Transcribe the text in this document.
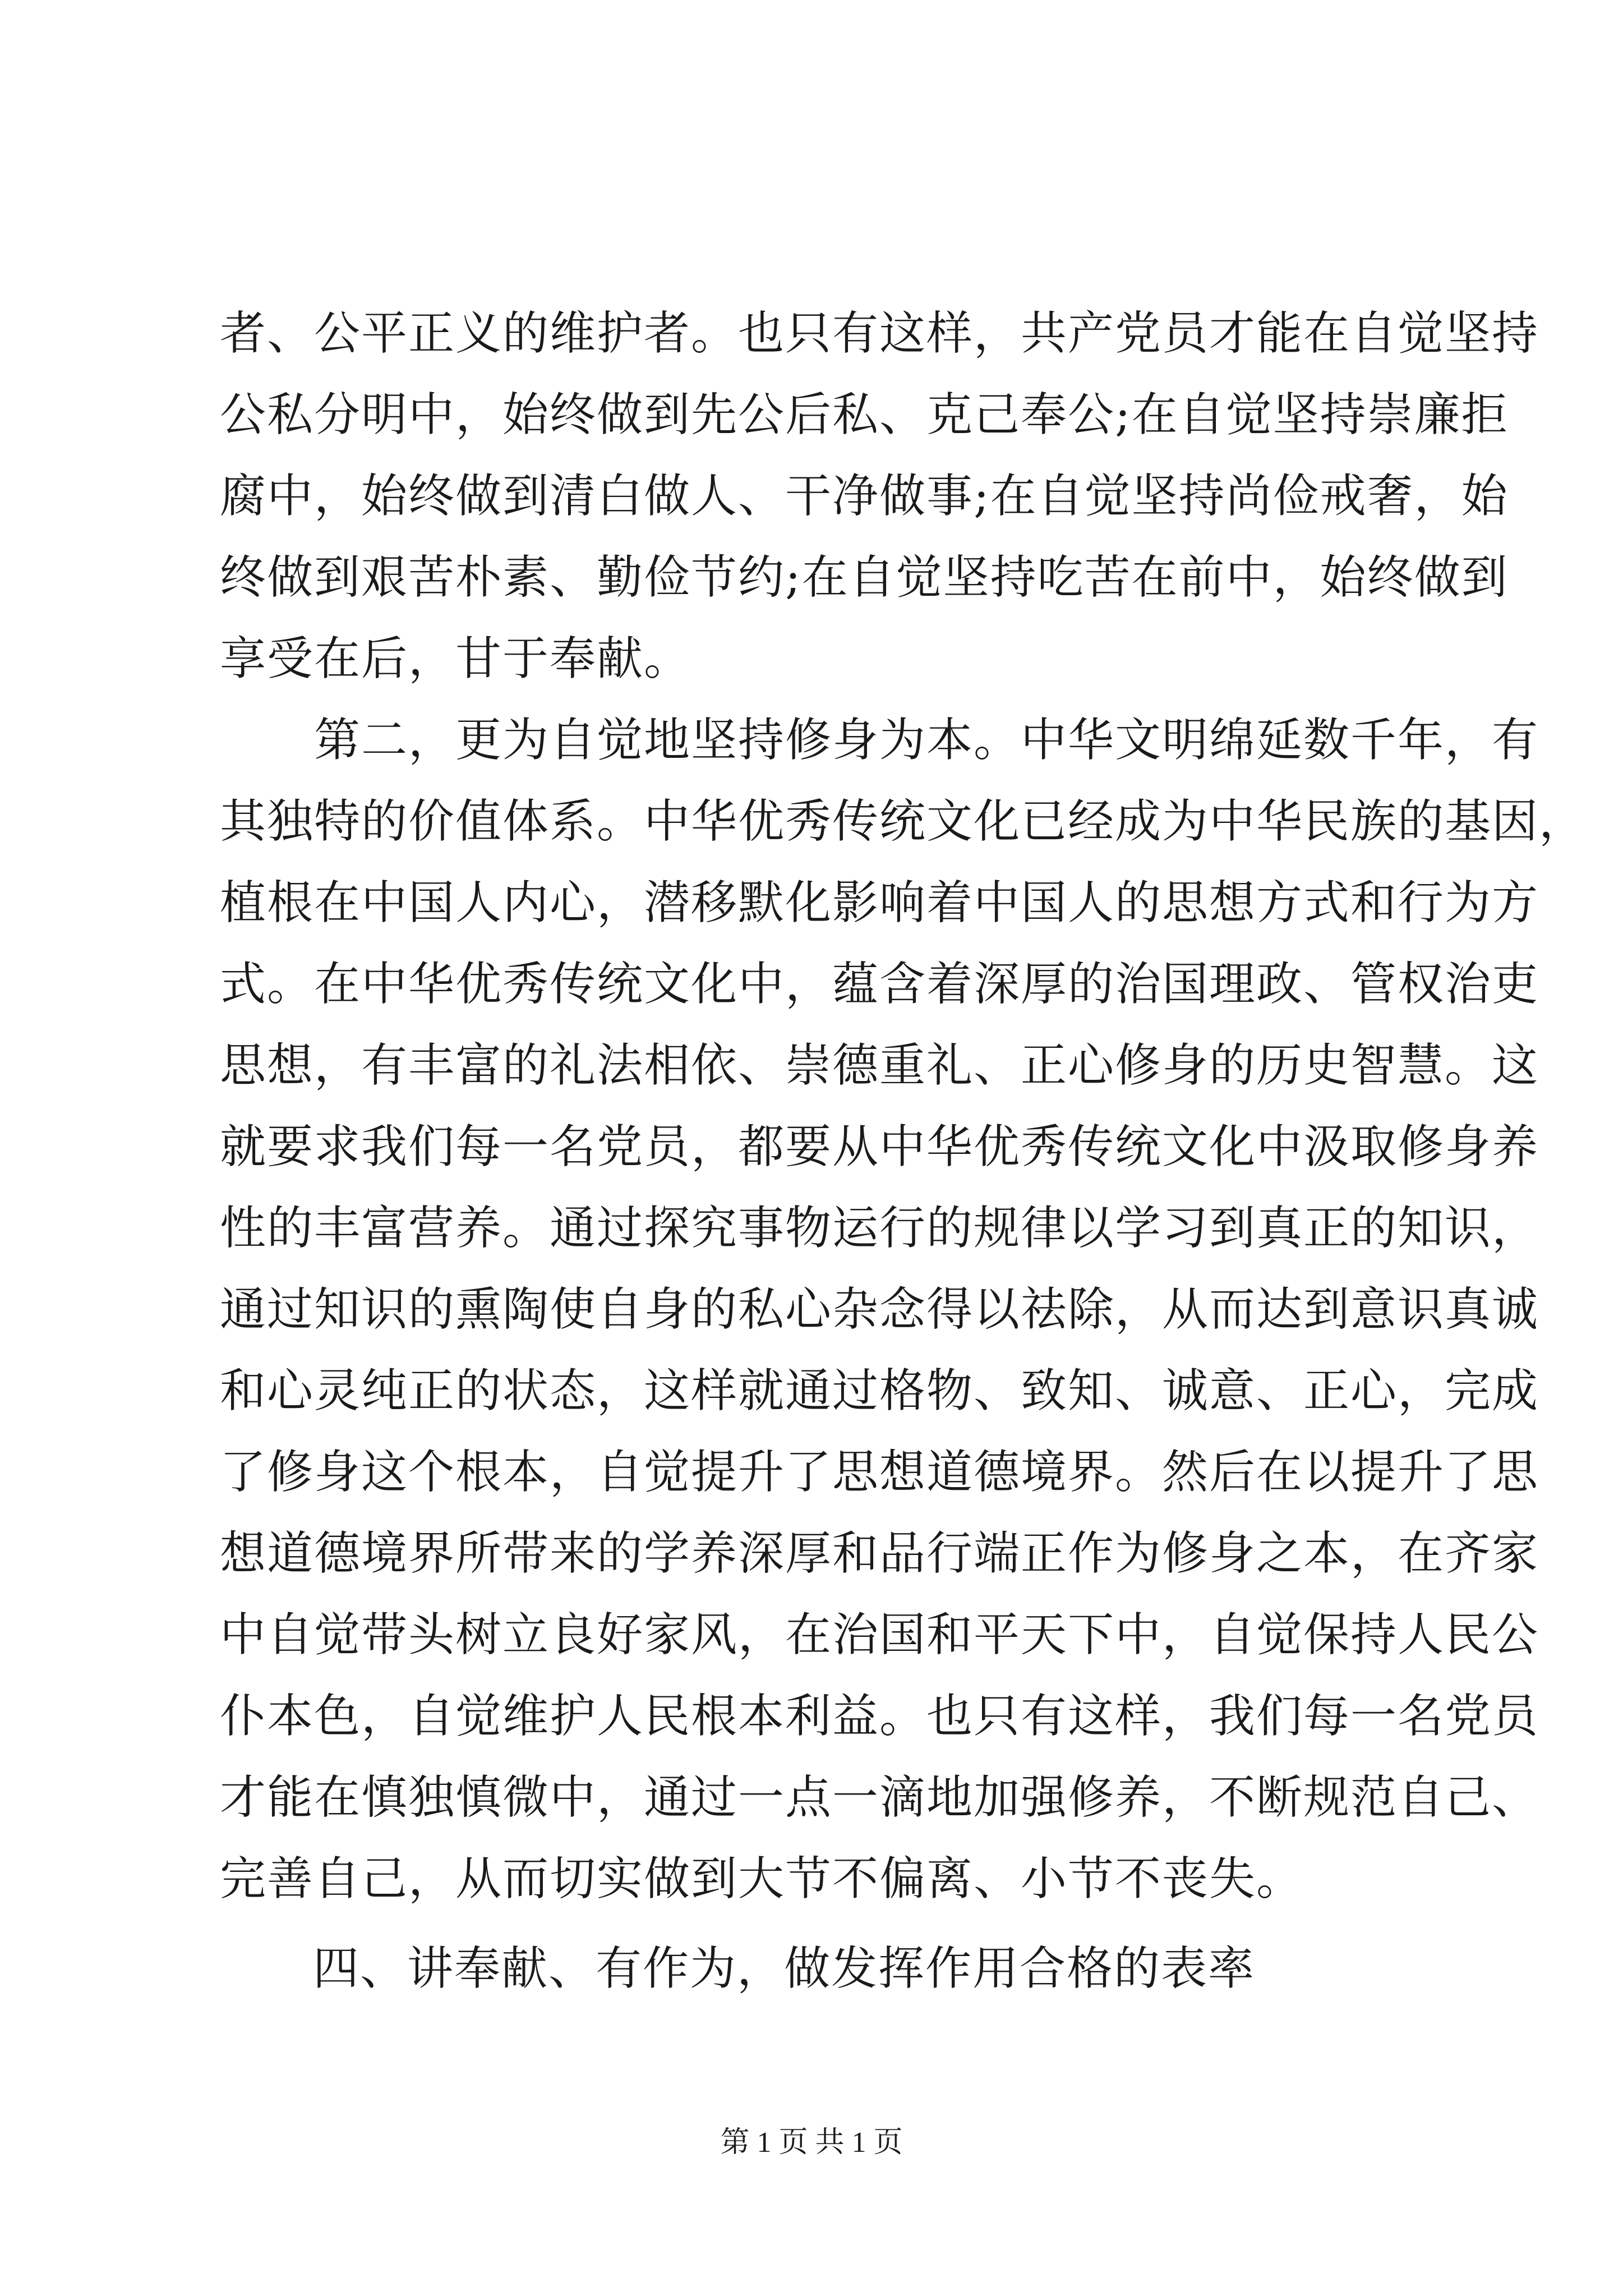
者、公平正义的维护者。也只有这样，共产党员才能在自觉坚持
公私分明中，始终做到先公后私、克己奉公;在自觉坚持崇廉拒
腐中，始终做到清白做人、干净做事;在自觉坚持尚俭戒奢，始
终做到艰苦朴素、勤俭节约;在自觉坚持吃苦在前中，始终做到
享受在后，甘于奉献。
　　第二，更为自觉地坚持修身为本。中华文明绵延数千年，有
其独特的价值体系。中华优秀传统文化已经成为中华民族的基因，
植根在中国人内心，潜移默化影响着中国人的思想方式和行为方
式。在中华优秀传统文化中，蕴含着深厚的治国理政、管权治吏
思想，有丰富的礼法相依、崇德重礼、正心修身的历史智慧。这
就要求我们每一名党员，都要从中华优秀传统文化中汲取修身养
性的丰富营养。通过探究事物运行的规律以学习到真正的知识，
通过知识的熏陶使自身的私心杂念得以祛除，从而达到意识真诚
和心灵纯正的状态，这样就通过格物、致知、诚意、正心，完成
了修身这个根本，自觉提升了思想道德境界。然后在以提升了思
想道德境界所带来的学养深厚和品行端正作为修身之本，在齐家
中自觉带头树立良好家风，在治国和平天下中，自觉保持人民公
仆本色，自觉维护人民根本利益。也只有这样，我们每一名党员
才能在慎独慎微中，通过一点一滴地加强修养，不断规范自己、
完善自己，从而切实做到大节不偏离、小节不丧失。
四、讲奉献、有作为，做发挥作用合格的表率
第 1 页 共 1 页
